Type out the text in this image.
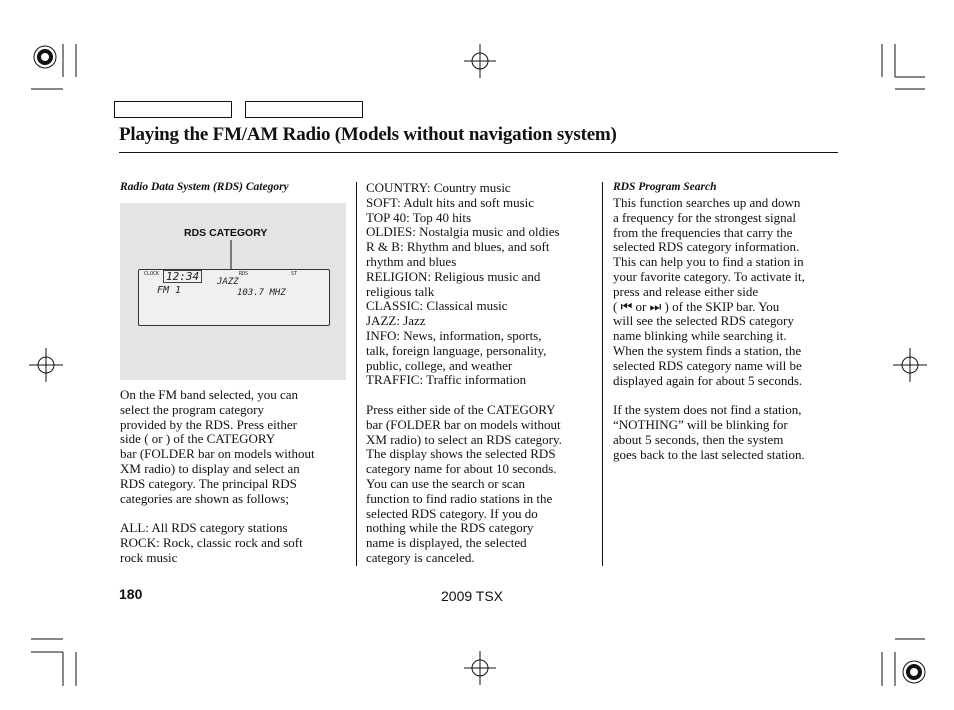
Playing the FM/AM Radio (Models without navigation system)
Radio Data System (RDS) Category
RDS CATEGORY
CLOCK 12:34	RDS	ST
FM 1
JAZZ
103.7 MHZ

On the FM band selected, you can

select the program category

provided by the RDS. Press either

side ( or ) of the CATEGORY

bar (FOLDER bar on models without

XM radio) to display and select an

RDS category. The principal RDS

categories are shown as follows;

ALL: All RDS category stations

ROCK: Rock, classic rock and soft

rock music

COUNTRY: Country music

SOFT: Adult hits and soft music

TOP 40: Top 40 hits

OLDIES: Nostalgia music and oldies

R & B: Rhythm and blues, and soft

rhythm and blues

RELIGION: Religious music and

religious talk

CLASSIC: Classical music

JAZZ: Jazz

INFO: News, information, sports,

talk, foreign language, personality,

public, college, and weather

TRAFFIC: Traffic information

Press either side of the CATEGORY

bar (FOLDER bar on models without

XM radio) to select an RDS category.

The display shows the selected RDS

category name for about 10 seconds.

You can use the search or scan

function to find radio stations in the

selected RDS category. If you do

nothing while the RDS category

name is displayed, the selected

category is canceled.

RDS Program Search

This function searches up and down

a frequency for the strongest signal

from the frequencies that carry the

selected RDS category information.

This can help you to find a station in

your favorite category. To activate it,

press and release either side

( ⏮ or ⏭ ) of the SKIP bar. You

will see the selected RDS category

name blinking while searching it.

When the system finds a station, the

selected RDS category name will be

displayed again for about 5 seconds.

If the system does not find a station,

“NOTHING” will be blinking for

about 5 seconds, then the system

goes back to the last selected station.

180	2009 TSX
